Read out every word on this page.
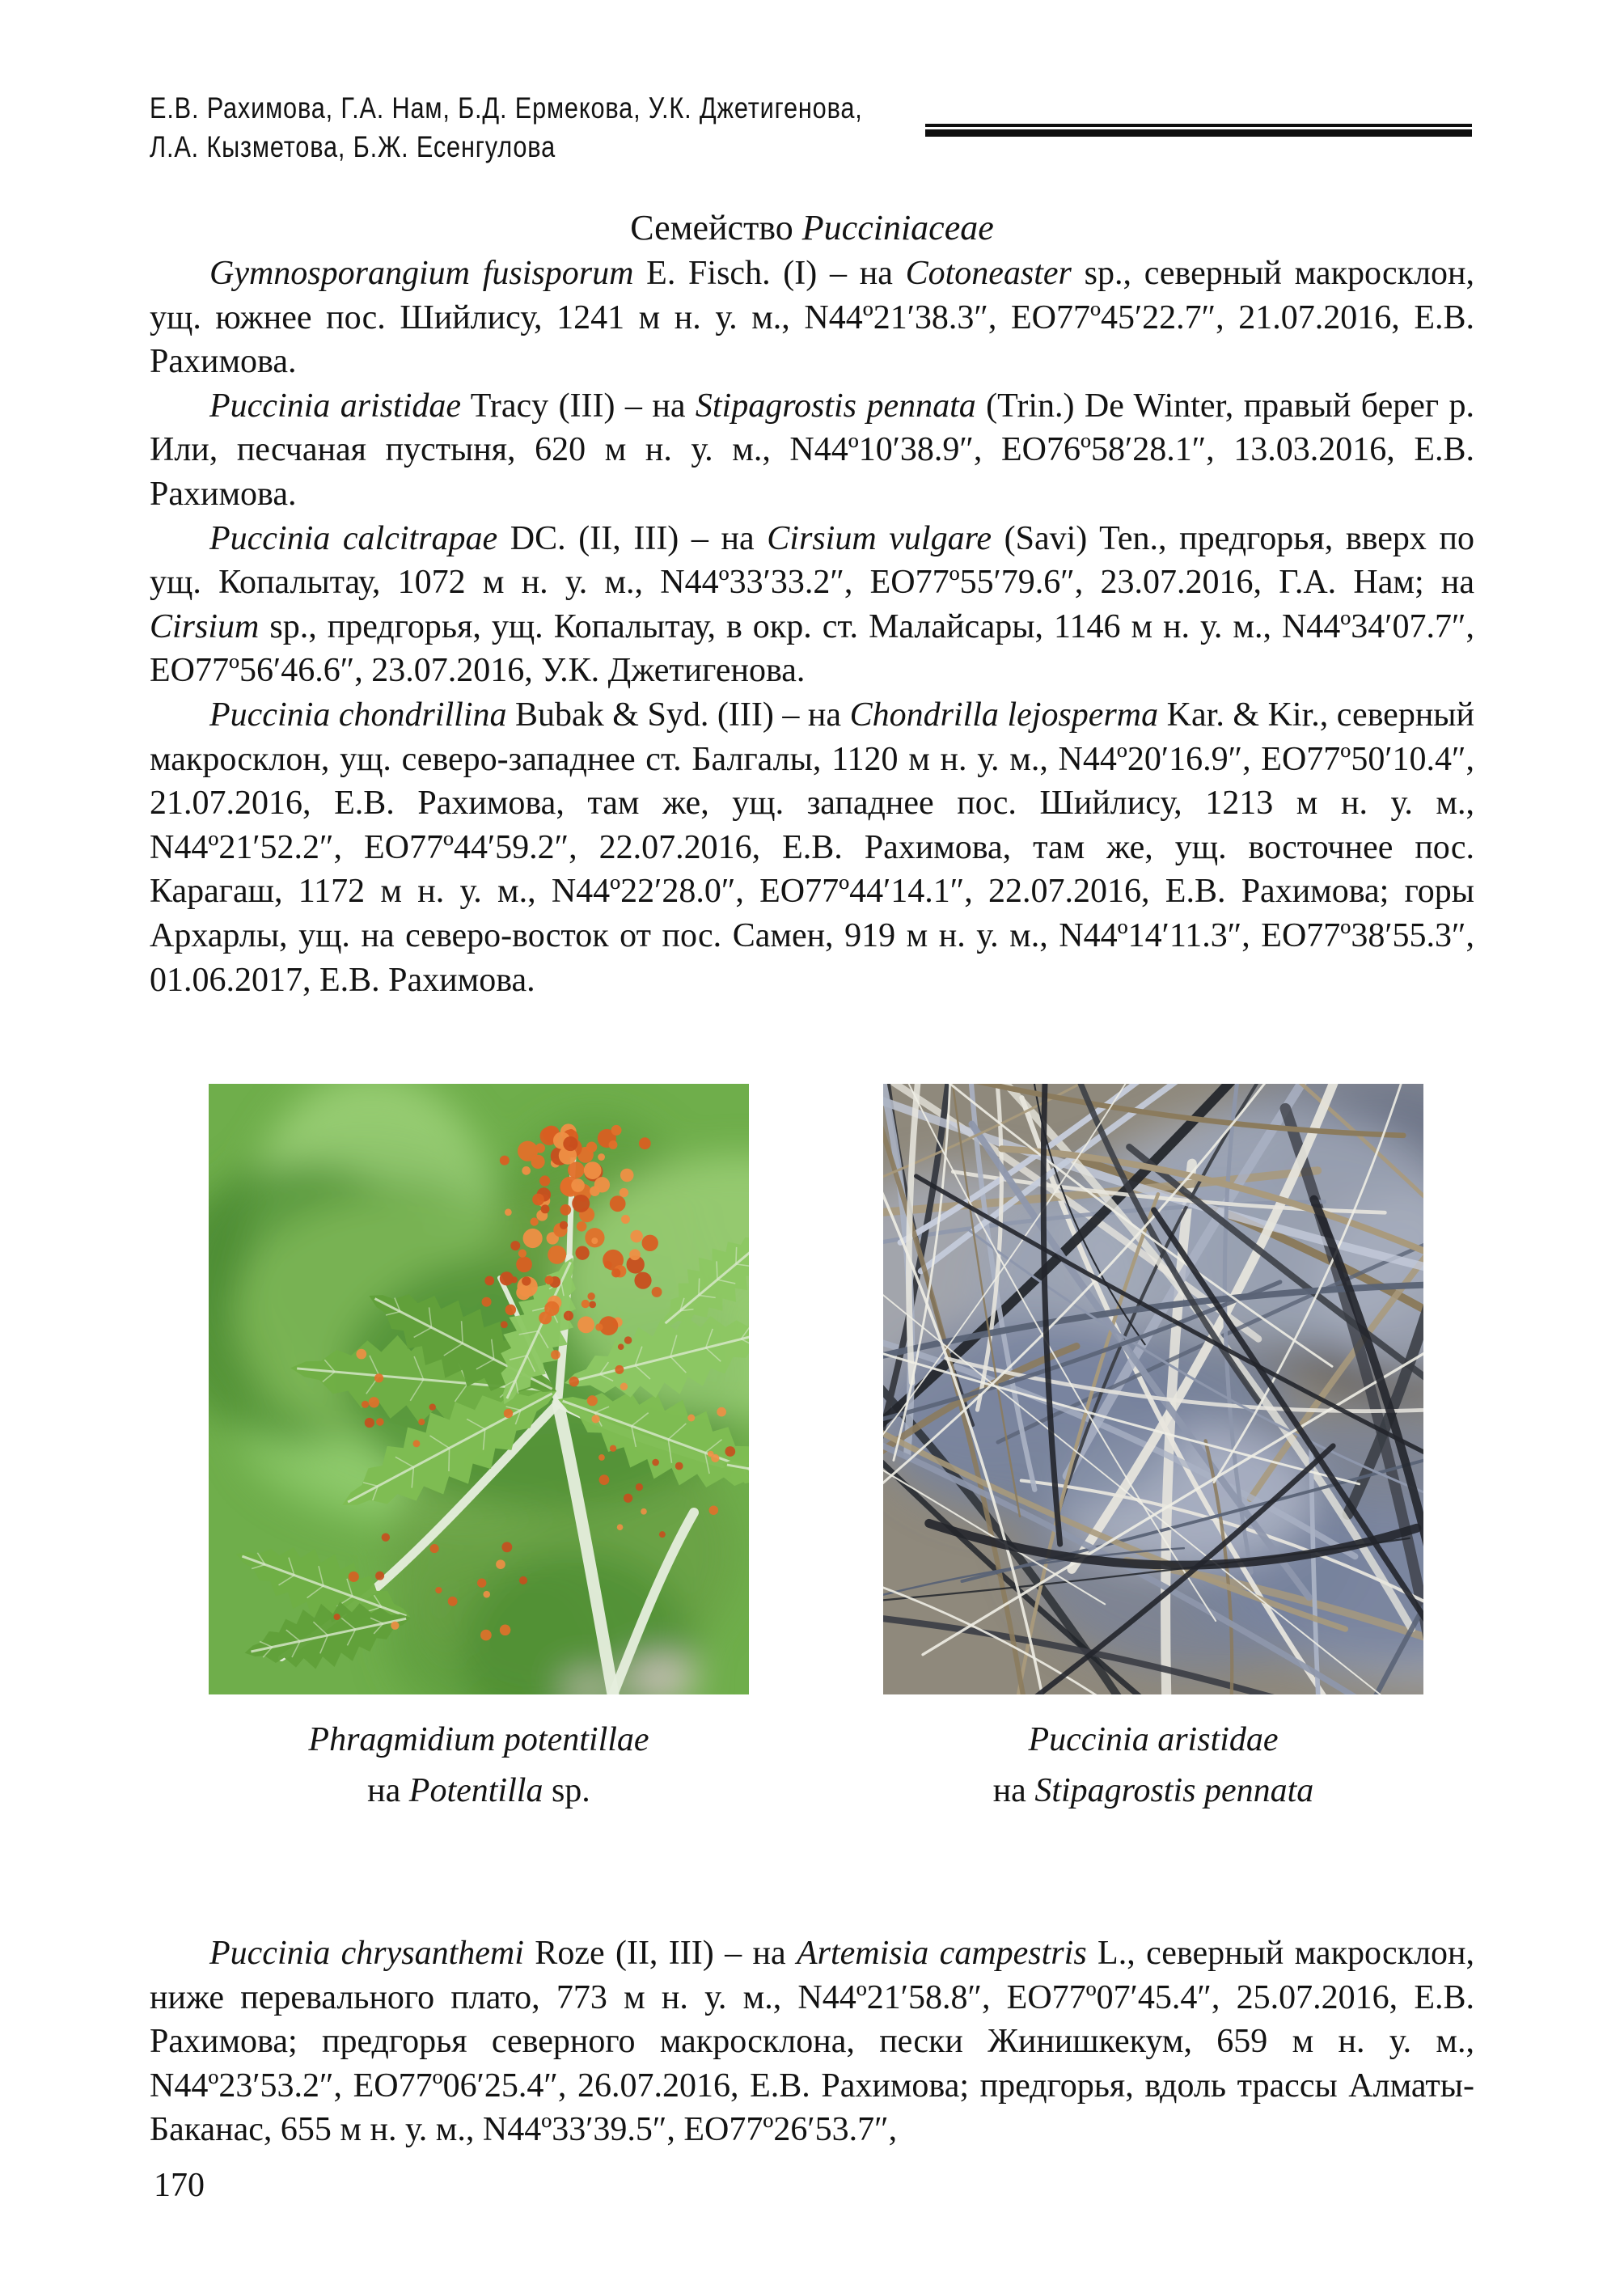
Е.В. Рахимова, Г.А. Нам, Б.Д. Ермекова, У.К. Джетигенова,
Л.А. Кызметова, Б.Ж. Есенгулова
Семейство Pucciniaceae

Gymnosporangium fusisporum E. Fisch. (I) – на Cotoneaster sp., северный макросклон, ущ. южнее пос. Шийлису, 1241 м н. у. м., N44º21′38.3″, ЕО77º45′22.7″, 21.07.2016, Е.В. Рахимова.

Puccinia aristidae Tracy (III) – на Stipagrostis pennata (Trin.) De Winter, правый берег р. Или, песчаная пустыня, 620 м н. у. м., N44º10′38.9″, ЕО76º58′28.1″, 13.03.2016, Е.В. Рахимова.

Puccinia calcitrapae DC. (II, III) – на Cirsium vulgare (Savi) Ten., предгорья, вверх по ущ. Копалытау, 1072 м н. у. м., N44º33′33.2″, ЕО77º55′79.6″, 23.07.2016, Г.А. Нам; на Cirsium sp., предгорья, ущ. Копалытау, в окр. ст. Малайсары, 1146 м н. у. м., N44º34′07.7″, ЕО77º56′46.6″, 23.07.2016, У.К. Джетигенова.

Puccinia chondrillina Bubak & Syd. (III) – на Chondrilla lejosperma Kar. & Kir., северный макросклон, ущ. северо-западнее ст. Балгалы, 1120 м н. у. м., N44º20′16.9″, ЕО77º50′10.4″, 21.07.2016, Е.В. Рахимова, там же, ущ. западнее пос. Шийлису, 1213 м н. у. м., N44º21′52.2″, ЕО77º44′59.2″, 22.07.2016, Е.В. Рахимова, там же, ущ. восточнее пос. Карагаш, 1172 м н. у. м., N44º22′28.0″, ЕО77º44′14.1″, 22.07.2016, Е.В. Рахимова; горы Архарлы, ущ. на северо-восток от пос. Самен, 919 м н. у. м., N44º14′11.3″, ЕО77º38′55.3″, 01.06.2017, Е.В. Рахимова.

Phragmidium potentillae
на Potentilla sp.
Puccinia aristidae
на Stipagrostis pennata

Puccinia chrysanthemi Roze (II, III) – на Artemisia campestris L., северный макросклон, ниже перевального плато, 773 м н. у. м., N44º21′58.8″, ЕО77º07′45.4″, 25.07.2016, Е.В. Рахимова; предгорья северного макросклона, пески Жинишкекум, 659 м н. у. м., N44º23′53.2″, ЕО77º06′25.4″, 26.07.2016, Е.В. Рахимова; предгорья, вдоль трассы Алматы-Баканас, 655 м н. у. м., N44º33′39.5″, ЕО77º26′53.7″,

170
